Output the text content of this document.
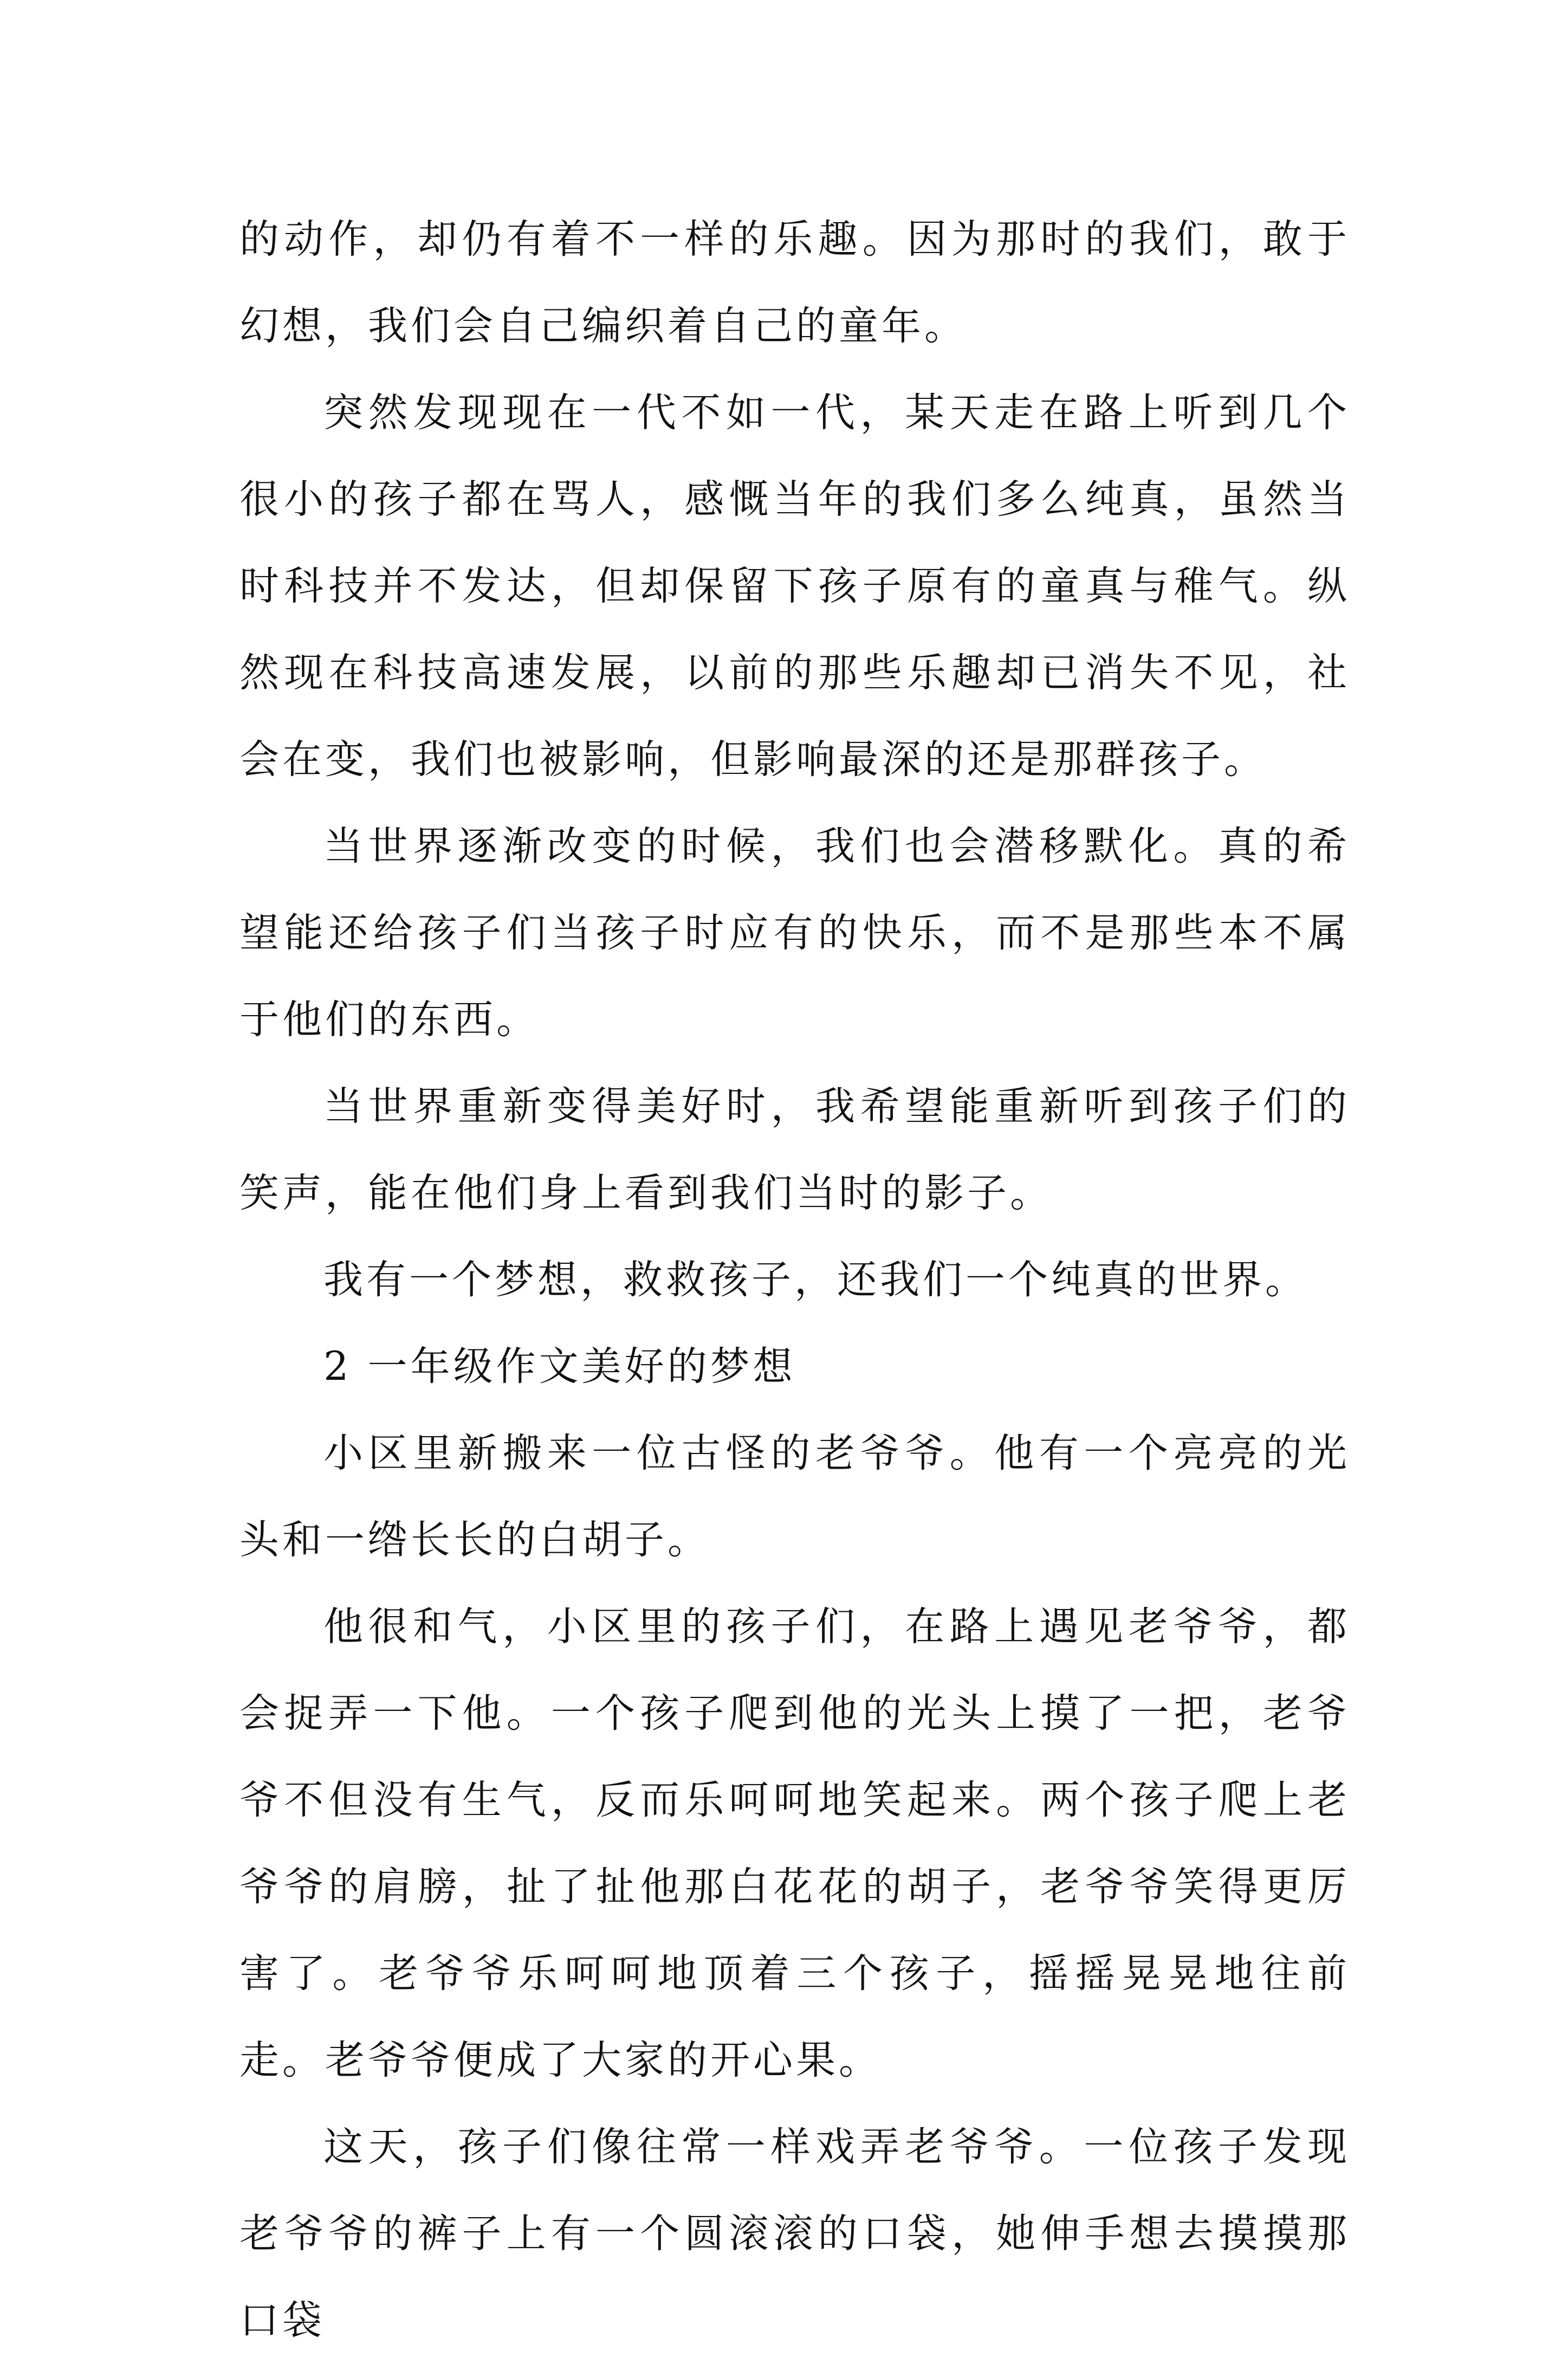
的动作，却仍有着不一样的乐趣。因为那时的我们，敢于幻想，我们会自己编织着自己的童年。

突然发现现在一代不如一代，某天走在路上听到几个很小的孩子都在骂人，感慨当年的我们多么纯真，虽然当时科技并不发达，但却保留下孩子原有的童真与稚气。纵然现在科技高速发展，以前的那些乐趣却已消失不见，社会在变，我们也被影响，但影响最深的还是那群孩子。

当世界逐渐改变的时候，我们也会潜移默化。真的希望能还给孩子们当孩子时应有的快乐，而不是那些本不属于他们的东西。

当世界重新变得美好时，我希望能重新听到孩子们的笑声，能在他们身上看到我们当时的影子。

我有一个梦想，救救孩子，还我们一个纯真的世界。

2 一年级作文美好的梦想

小区里新搬来一位古怪的老爷爷。他有一个亮亮的光头和一绺长长的白胡子。

他很和气，小区里的孩子们，在路上遇见老爷爷，都会捉弄一下他。一个孩子爬到他的光头上摸了一把，老爷爷不但没有生气，反而乐呵呵地笑起来。两个孩子爬上老爷爷的肩膀，扯了扯他那白花花的胡子，老爷爷笑得更厉害了。老爷爷乐呵呵地顶着三个孩子，摇摇晃晃地往前走。老爷爷便成了大家的开心果。

这天，孩子们像往常一样戏弄老爷爷。一位孩子发现老爷爷的裤子上有一个圆滚滚的口袋，她伸手想去摸摸那口袋
